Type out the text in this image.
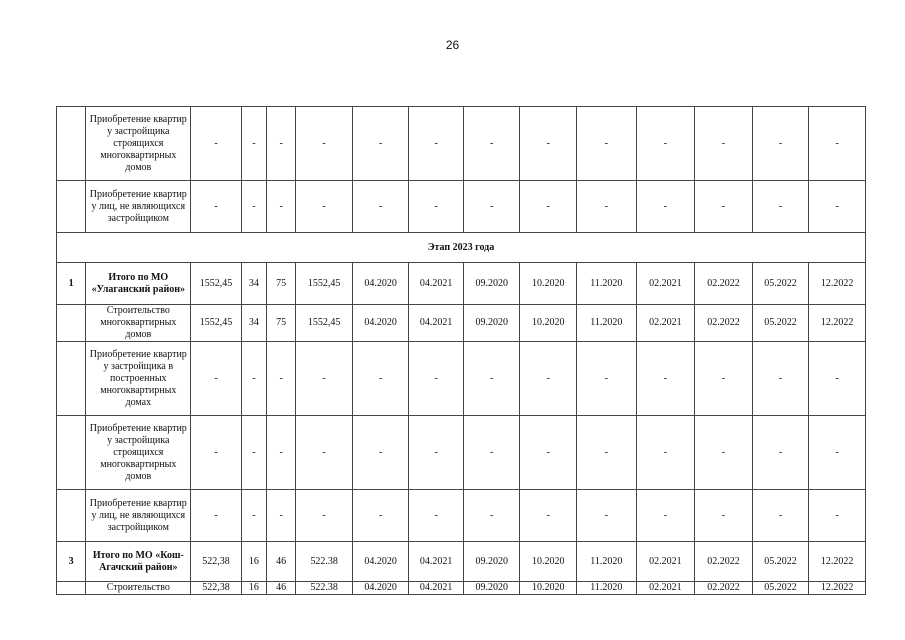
26
	Приобретение квартир у застройщика строящихся многоквартирных домов	-	-	-	-	-	-	-	-	-	-	-	-	-
	Приобретение квартир у лиц, не являющихся застройщиком	-	-	-	-	-	-	-	-	-	-	-	-	-
Этап 2023 года														
1	Итого по МО «Улаганский район»	1552,45	34	75	1552,45	04.2020	04.2021	09.2020	10.2020	11.2020	02.2021	02.2022	05.2022	12.2022
	Строительство многоквартирных домов	1552,45	34	75	1552,45	04.2020	04.2021	09.2020	10.2020	11.2020	02.2021	02.2022	05.2022	12.2022
	Приобретение квартир у застройщика в построенных многоквартирных домах	-	-	-	-	-	-	-	-	-	-	-	-	-
	Приобретение квартир у застройщика строящихся многоквартирных домов	-	-	-	-	-	-	-	-	-	-	-	-	-
	Приобретение квартир у лиц, не являющихся застройщиком	-	-	-	-	-	-	-	-	-	-	-	-	-
3	Итого по МО «Кош-Агачский район»	522,38	16	46	522.38	04.2020	04.2021	09.2020	10.2020	11.2020	02.2021	02.2022	05.2022	12.2022
	Строительство	522,38	16	46	522.38	04.2020	04.2021	09.2020	10.2020	11.2020	02.2021	02.2022	05.2022	12.2022
